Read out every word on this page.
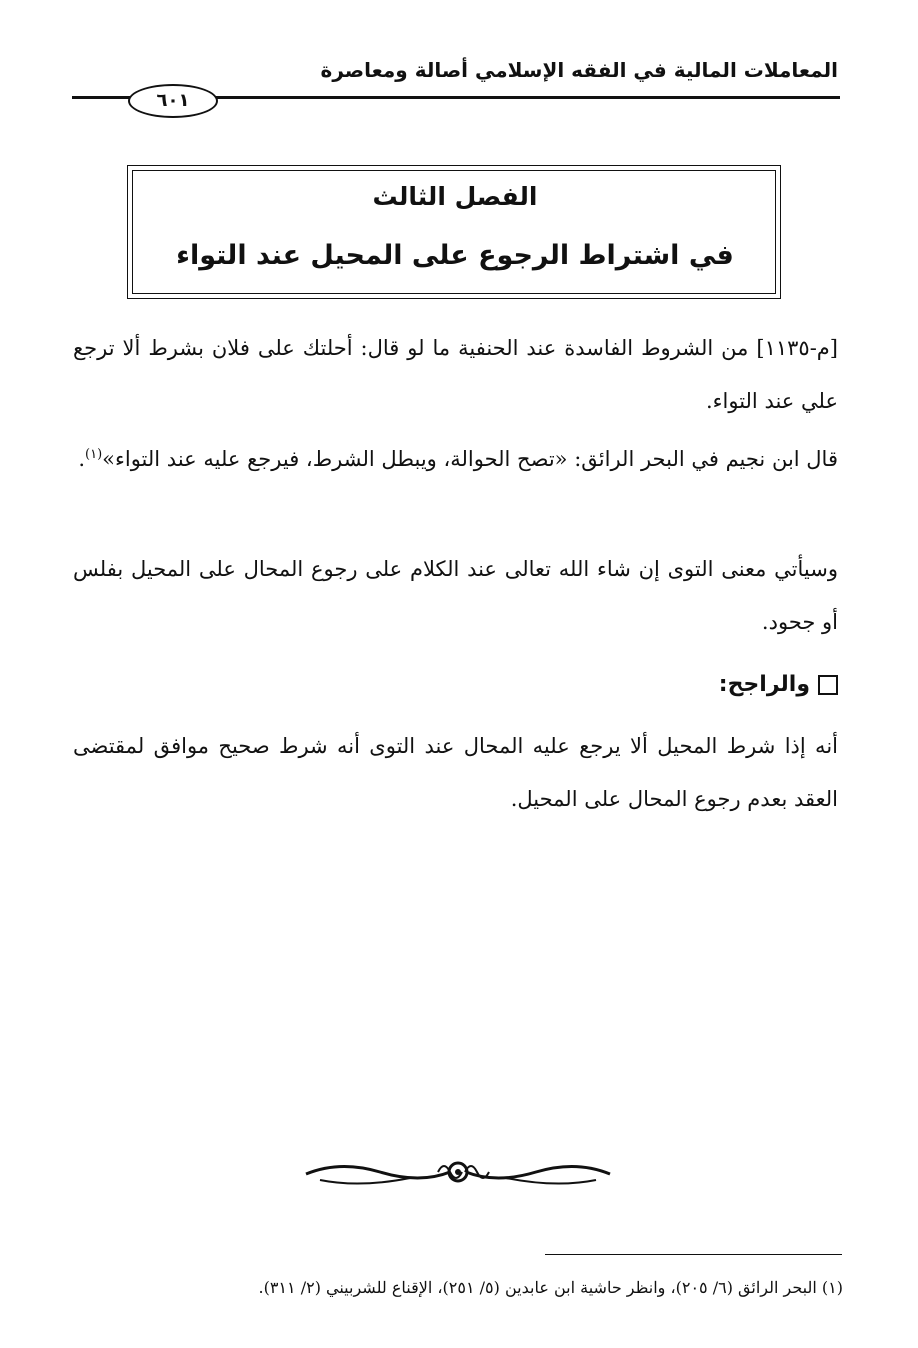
المعاملات المالية في الفقه الإسلامي أصالة ومعاصرة
٦٠١
الفصل الثالث
في اشتراط الرجوع على المحيل عند التواء

[م-١١٣٥] من الشروط الفاسدة عند الحنفية ما لو قال: أحلتك على فلان بشرط ألا ترجع علي عند التواء.

قال ابن نجيم في البحر الرائق: «تصح الحوالة، ويبطل الشرط، فيرجع عليه عند التواء»$^{(١)}$.

وسيأتي معنى التوى إن شاء الله تعالى عند الكلام على رجوع المحال على المحيل بفلس أو جحود.

والراجح:

أنه إذا شرط المحيل ألا يرجع عليه المحال عند التوى أنه شرط صحيح موافق لمقتضى العقد بعدم رجوع المحال على المحيل.

(١) البحر الرائق (٦/ ٢٠٥)، وانظر حاشية ابن عابدين (٥/ ٢٥١)، الإقناع للشربيني (٢/ ٣١١).
